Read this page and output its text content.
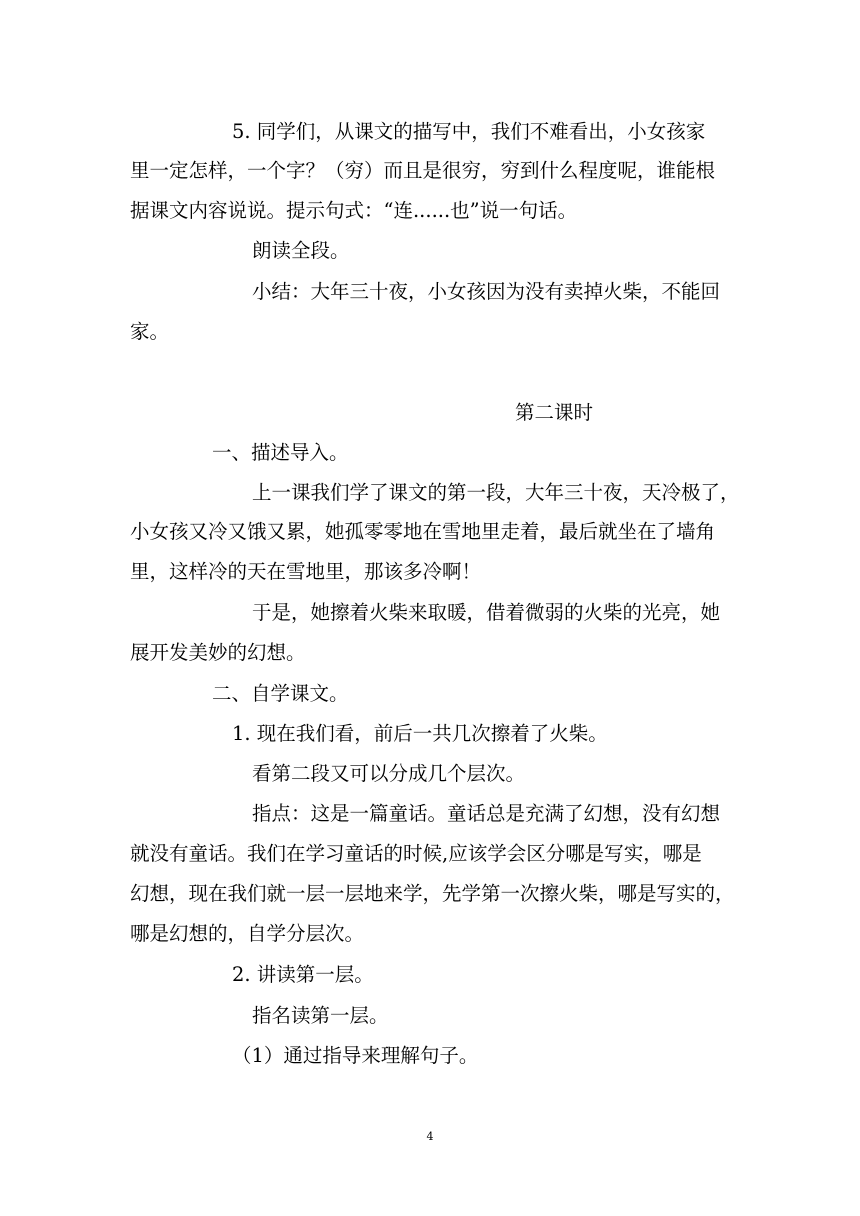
5. 同学们，从课文的描写中，我们不难看出，小女孩家
里一定怎样，一个字？（穷）而且是很穷，穷到什么程度呢，谁能根
据课文内容说说。提示句式：“连......也”说一句话。
朗读全段。
小结：大年三十夜，小女孩因为没有卖掉火柴，不能回
家。
第二课时
一、描述导入。
上一课我们学了课文的第一段，大年三十夜，天冷极了，
小女孩又冷又饿又累，她孤零零地在雪地里走着，最后就坐在了墙角
里，这样冷的天在雪地里，那该多冷啊！
于是，她擦着火柴来取暖，借着微弱的火柴的光亮，她
展开发美妙的幻想。
二、自学课文。
1. 现在我们看，前后一共几次擦着了火柴。
看第二段又可以分成几个层次。
指点：这是一篇童话。童话总是充满了幻想，没有幻想
就没有童话。我们在学习童话的时候,应该学会区分哪是写实，哪是
幻想，现在我们就一层一层地来学，先学第一次擦火柴，哪是写实的，
哪是幻想的，自学分层次。
2. 讲读第一层。
指名读第一层。
（1）通过指导来理解句子。
4
